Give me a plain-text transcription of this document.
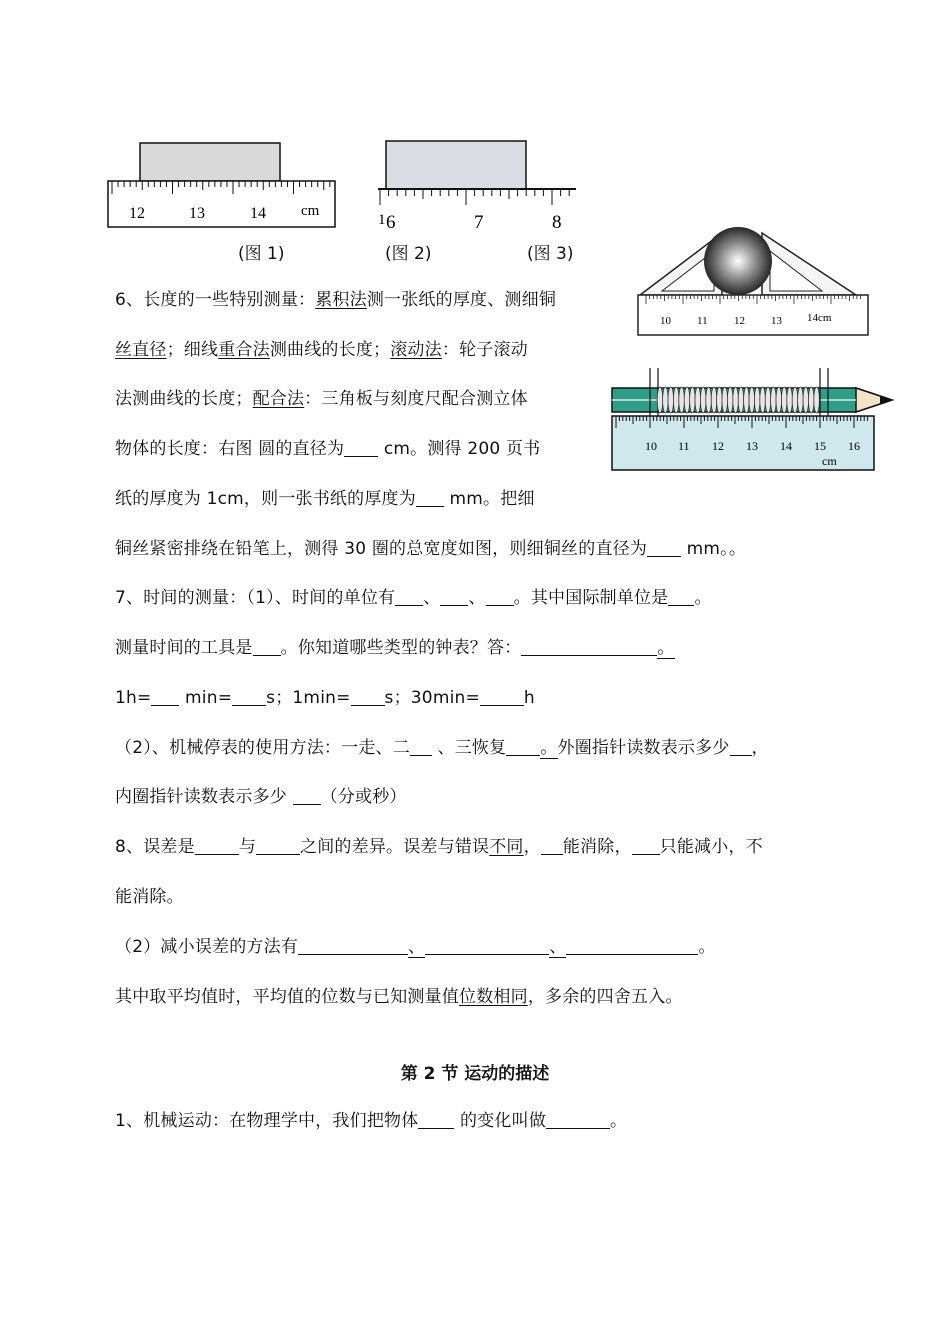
12	13	14 cm
(图 1)
1 6	7	8
(图 2)	(图 3)
10 11 12 13 14cm
10 11 12 13 14 15 16
cm
6、长度的一些特别测量：累积法测一张纸的厚度、测细铜
丝直径；细线重合法测曲线的长度；滚动法：轮子滚动
法测曲线的长度；配合法：三角板与刻度尺配合测立体
物体的长度：右图 圆的直径为 cm。测得 200 页书
纸的厚度为 1cm，则一张书纸的厚度为 mm。把细
铜丝紧密排绕在铅笔上，测得 30 圈的总宽度如图，则细铜丝的直径为 mm。。
7、时间的测量：（1）、时间的单位有 、 、 。其中国际制单位是 。
测量时间的工具是 。你知道哪些类型的钟表？答：	。
1h= min= s；1min= s；30min=	h
（2）、机械停表的使用方法：一走、二 、三恢复 。外圈指针读数表示多少 ，
内圈指针读数表示多少 （分或秒）
8、误差是	与	之间的差异。误差与错误不同， 能消除， 只能减小，不
能消除。
（2）减小误差的方法有	、	、	。
其中取平均值时，平均值的位数与已知测量值位数相同，多余的四舍五入。
第 2 节 运动的描述
1、机械运动：在物理学中，我们把物体 的变化叫做	。
